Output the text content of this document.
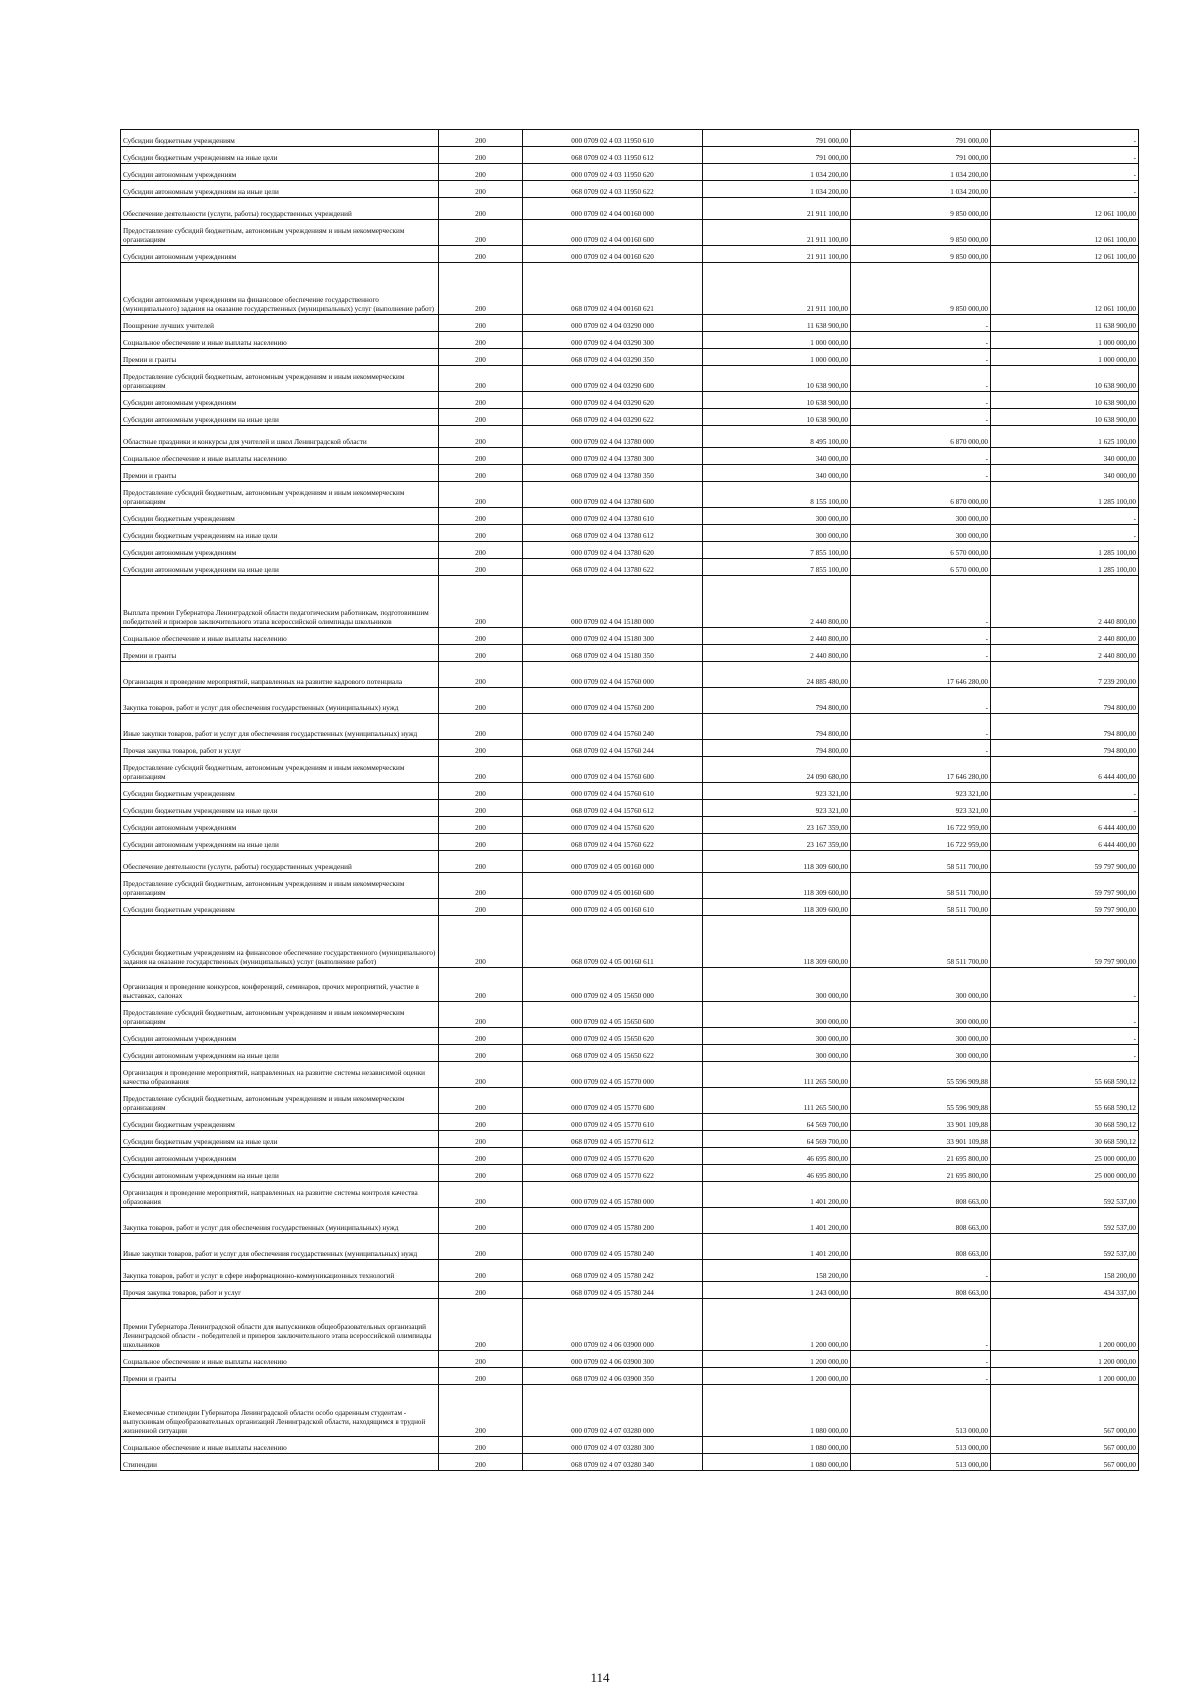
Субсидии бюджетным учреждениям	200	000 0709 02 4 03 11950 610	791 000,00	791 000,00	-
Субсидии бюджетным учреждениям на иные цели	200	068 0709 02 4 03 11950 612	791 000,00	791 000,00	-
Субсидии автономным учреждениям	200	000 0709 02 4 03 11950 620	1 034 200,00	1 034 200,00	-
Субсидии автономным учреждениям на иные цели	200	068 0709 02 4 03 11950 622	1 034 200,00	1 034 200,00	-
Обеспечение деятельности (услуги, работы) государственных учреждений	200	000 0709 02 4 04 00160 000	21 911 100,00	9 850 000,00	12 061 100,00
Предоставление субсидий бюджетным, автономным учреждениям и иным некоммерческим организациям	200	000 0709 02 4 04 00160 600	21 911 100,00	9 850 000,00	12 061 100,00
Субсидии автономным учреждениям	200	000 0709 02 4 04 00160 620	21 911 100,00	9 850 000,00	12 061 100,00
Субсидии автономным учреждениям на финансовое обеспечение государственного (муниципального) задания на оказание государственных (муниципальных) услуг (выполнение работ)	200	068 0709 02 4 04 00160 621	21 911 100,00	9 850 000,00	12 061 100,00
Поощрение лучших учителей	200	000 0709 02 4 04 03290 000	11 638 900,00	-	11 638 900,00
Социальное обеспечение и иные выплаты населению	200	000 0709 02 4 04 03290 300	1 000 000,00	-	1 000 000,00
Премии и гранты	200	068 0709 02 4 04 03290 350	1 000 000,00	-	1 000 000,00
Предоставление субсидий бюджетным, автономным учреждениям и иным некоммерческим организациям	200	000 0709 02 4 04 03290 600	10 638 900,00	-	10 638 900,00
Субсидии автономным учреждениям	200	000 0709 02 4 04 03290 620	10 638 900,00	-	10 638 900,00
Субсидии автономным учреждениям на иные цели	200	068 0709 02 4 04 03290 622	10 638 900,00	-	10 638 900,00
Областные праздники и конкурсы для учителей и школ Ленинградской области	200	000 0709 02 4 04 13780 000	8 495 100,00	6 870 000,00	1 625 100,00
Социальное обеспечение и иные выплаты населению	200	000 0709 02 4 04 13780 300	340 000,00	-	340 000,00
Премии и гранты	200	068 0709 02 4 04 13780 350	340 000,00	-	340 000,00
Предоставление субсидий бюджетным, автономным учреждениям и иным некоммерческим организациям	200	000 0709 02 4 04 13780 600	8 155 100,00	6 870 000,00	1 285 100,00
Субсидии бюджетным учреждениям	200	000 0709 02 4 04 13780 610	300 000,00	300 000,00	-
Субсидии бюджетным учреждениям на иные цели	200	068 0709 02 4 04 13780 612	300 000,00	300 000,00	-
Субсидии автономным учреждениям	200	000 0709 02 4 04 13780 620	7 855 100,00	6 570 000,00	1 285 100,00
Субсидии автономным учреждениям на иные цели	200	068 0709 02 4 04 13780 622	7 855 100,00	6 570 000,00	1 285 100,00
Выплата премии Губернатора Ленинградской области педагогическим работникам, подготовившим победителей и призеров заключительного этапа всероссийской олимпиады школьников	200	000 0709 02 4 04 15180 000	2 440 800,00	-	2 440 800,00
Социальное обеспечение и иные выплаты населению	200	000 0709 02 4 04 15180 300	2 440 800,00	-	2 440 800,00
Премии и гранты	200	068 0709 02 4 04 15180 350	2 440 800,00	-	2 440 800,00
Организация и проведение мероприятий, направленных на развитие кадрового потенциала	200	000 0709 02 4 04 15760 000	24 885 480,00	17 646 280,00	7 239 200,00
Закупка товаров, работ и услуг для обеспечения государственных (муниципальных) нужд	200	000 0709 02 4 04 15760 200	794 800,00	-	794 800,00
Иные закупки товаров, работ и услуг для обеспечения государственных (муниципальных) нужд	200	000 0709 02 4 04 15760 240	794 800,00	-	794 800,00
Прочая закупка товаров, работ и услуг	200	068 0709 02 4 04 15760 244	794 800,00	-	794 800,00
Предоставление субсидий бюджетным, автономным учреждениям и иным некоммерческим организациям	200	000 0709 02 4 04 15760 600	24 090 680,00	17 646 280,00	6 444 400,00
Субсидии бюджетным учреждениям	200	000 0709 02 4 04 15760 610	923 321,00	923 321,00	-
Субсидии бюджетным учреждениям на иные цели	200	068 0709 02 4 04 15760 612	923 321,00	923 321,00	-
Субсидии автономным учреждениям	200	000 0709 02 4 04 15760 620	23 167 359,00	16 722 959,00	6 444 400,00
Субсидии автономным учреждениям на иные цели	200	068 0709 02 4 04 15760 622	23 167 359,00	16 722 959,00	6 444 400,00
Обеспечение деятельности (услуги, работы) государственных учреждений	200	000 0709 02 4 05 00160 000	118 309 600,00	58 511 700,00	59 797 900,00
Предоставление субсидий бюджетным, автономным учреждениям и иным некоммерческим организациям	200	000 0709 02 4 05 00160 600	118 309 600,00	58 511 700,00	59 797 900,00
Субсидии бюджетным учреждениям	200	000 0709 02 4 05 00160 610	118 309 600,00	58 511 700,00	59 797 900,00
Субсидии бюджетным учреждениям на финансовое обеспечение государственного (муниципального) задания на оказание государственных (муниципальных) услуг (выполнение работ)	200	068 0709 02 4 05 00160 611	118 309 600,00	58 511 700,00	59 797 900,00
Организация и проведение конкурсов, конференций, семинаров, прочих мероприятий, участие в выставках, салонах	200	000 0709 02 4 05 15650 000	300 000,00	300 000,00	-
Предоставление субсидий бюджетным, автономным учреждениям и иным некоммерческим организациям	200	000 0709 02 4 05 15650 600	300 000,00	300 000,00	-
Субсидии автономным учреждениям	200	000 0709 02 4 05 15650 620	300 000,00	300 000,00	-
Субсидии автономным учреждениям на иные цели	200	068 0709 02 4 05 15650 622	300 000,00	300 000,00	-
Организация и проведение мероприятий, направленных на развитие системы независимой оценки качества образования	200	000 0709 02 4 05 15770 000	111 265 500,00	55 596 909,88	55 668 590,12
Предоставление субсидий бюджетным, автономным учреждениям и иным некоммерческим организациям	200	000 0709 02 4 05 15770 600	111 265 500,00	55 596 909,88	55 668 590,12
Субсидии бюджетным учреждениям	200	000 0709 02 4 05 15770 610	64 569 700,00	33 901 109,88	30 668 590,12
Субсидии бюджетным учреждениям на иные цели	200	068 0709 02 4 05 15770 612	64 569 700,00	33 901 109,88	30 668 590,12
Субсидии автономным учреждениям	200	000 0709 02 4 05 15770 620	46 695 800,00	21 695 800,00	25 000 000,00
Субсидии автономным учреждениям на иные цели	200	068 0709 02 4 05 15770 622	46 695 800,00	21 695 800,00	25 000 000,00
Организация и проведение мероприятий, направленных на развитие системы контроля качества образования	200	000 0709 02 4 05 15780 000	1 401 200,00	808 663,00	592 537,00
Закупка товаров, работ и услуг для обеспечения государственных (муниципальных) нужд	200	000 0709 02 4 05 15780 200	1 401 200,00	808 663,00	592 537,00
Иные закупки товаров, работ и услуг для обеспечения государственных (муниципальных) нужд	200	000 0709 02 4 05 15780 240	1 401 200,00	808 663,00	592 537,00
Закупка товаров, работ и услуг в сфере информационно-коммуникационных технологий	200	068 0709 02 4 05 15780 242	158 200,00	-	158 200,00
Прочая закупка товаров, работ и услуг	200	068 0709 02 4 05 15780 244	1 243 000,00	808 663,00	434 337,00
Премии Губернатора Ленинградской области для выпускников общеобразовательных организаций Ленинградской области - победителей и призеров заключительного этапа всероссийской олимпиады школьников	200	000 0709 02 4 06 03900 000	1 200 000,00	-	1 200 000,00
Социальное обеспечение и иные выплаты населению	200	000 0709 02 4 06 03900 300	1 200 000,00	-	1 200 000,00
Премии и гранты	200	068 0709 02 4 06 03900 350	1 200 000,00	-	1 200 000,00
Ежемесячные стипендии Губернатора Ленинградской области особо одаренным студентам - выпускникам общеобразовательных организаций Ленинградской области, находящимся в трудной жизненной ситуации	200	000 0709 02 4 07 03280 000	1 080 000,00	513 000,00	567 000,00
Социальное обеспечение и иные выплаты населению	200	000 0709 02 4 07 03280 300	1 080 000,00	513 000,00	567 000,00
Стипендии	200	068 0709 02 4 07 03280 340	1 080 000,00	513 000,00	567 000,00
114
